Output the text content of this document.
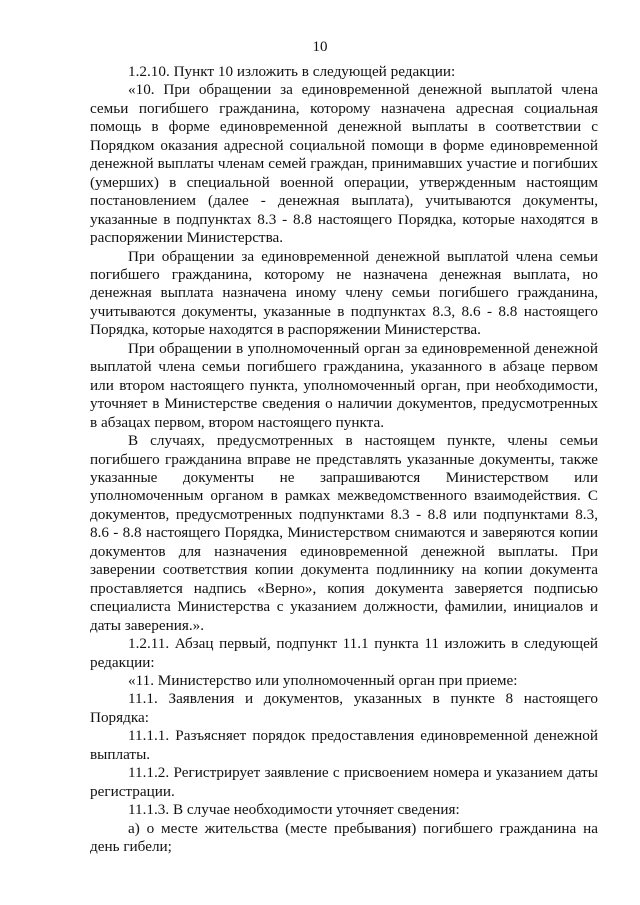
10

1.2.10. Пункт 10 изложить в следующей редакции:

«10. При обращении за единовременной денежной выплатой члена семьи погибшего гражданина, которому назначена адресная социальная помощь в форме единовременной денежной выплаты в соответствии с Порядком оказания адресной социальной помощи в форме единовременной денежной выплаты членам семей граждан, принимавших участие и погибших (умерших) в специальной военной операции, утвержденным настоящим постановлением (далее - денежная выплата), учитываются документы, указанные в подпунктах 8.3 - 8.8 настоящего Порядка, которые находятся в распоряжении Министерства.

При обращении за единовременной денежной выплатой члена семьи погибшего гражданина, которому не назначена денежная выплата, но денежная выплата назначена иному члену семьи погибшего гражданина, учитываются документы, указанные в подпунктах 8.3, 8.6 - 8.8 настоящего Порядка, которые находятся в распоряжении Министерства.

При обращении в уполномоченный орган за единовременной денежной выплатой члена семьи погибшего гражданина, указанного в абзаце первом или втором настоящего пункта, уполномоченный орган, при необходимости, уточняет в Министерстве сведения о наличии документов, предусмотренных в абзацах первом, втором настоящего пункта.

В случаях, предусмотренных в настоящем пункте, члены семьи погибшего гражданина вправе не представлять указанные документы, также указанные документы не запрашиваются Министерством или уполномоченным органом в рамках межведомственного взаимодействия. С документов, предусмотренных подпунктами 8.3 - 8.8 или подпунктами 8.3, 8.6 - 8.8 настоящего Порядка, Министерством снимаются и заверяются копии документов для назначения единовременной денежной выплаты. При заверении соответствия копии документа подлиннику на копии документа проставляется надпись «Верно», копия документа заверяется подписью специалиста Министерства с указанием должности, фамилии, инициалов и даты заверения.».

1.2.11. Абзац первый, подпункт 11.1 пункта 11 изложить в следующей редакции:

«11. Министерство или уполномоченный орган при приеме:

11.1. Заявления и документов, указанных в пункте 8 настоящего Порядка:

11.1.1. Разъясняет порядок предоставления единовременной денежной выплаты.

11.1.2. Регистрирует заявление с присвоением номера и указанием даты регистрации.

11.1.3. В случае необходимости уточняет сведения:

а) о месте жительства (месте пребывания) погибшего гражданина на день гибели;
